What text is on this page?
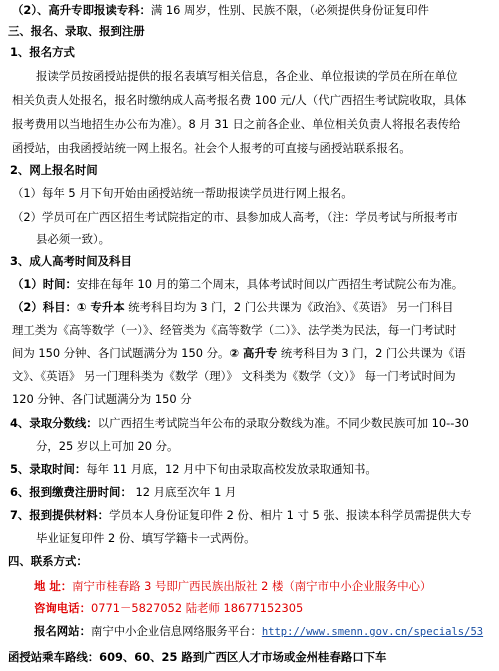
（2）、高升专即报读专科：满 16 周岁，性别、民族不限，（必须提供身份证复印件
三、报名、录取、报到注册
1、报名方式
报读学员按函授站提供的报名表填写相关信息，各企业、单位报读的学员在所在单位
相关负责人处报名，报名时缴纳成人高考报名费 100 元/人（代广西招生考试院收取，具体
报考费用以当地招生办公布为准）。8 月 31 日之前各企业、单位相关负责人将报名表传给
函授站，由我函授站统一网上报名。社会个人报考的可直接与函授站联系报名。
2、网上报名时间
（1）每年 5 月下旬开始由函授站统一帮助报读学员进行网上报名。
（2）学员可在广西区招生考试院指定的市、县参加成人高考，（注：学员考试与所报考市
县必须一致）。
3、成人高考时间及科目
（1）时间：安排在每年 10 月的第二个周末，具体考试时间以广西招生考试院公布为准。
（2）科目：① 专升本 统考科目均为 3 门，2 门公共课为《政治》、《英语》 另一门科目
理工类为《高等数学（一）》、经管类为《高等数学（二）》、法学类为民法，每一门考试时
间为 150 分钟、各门试题满分为 150 分。② 高升专 统考科目为 3 门，2 门公共课为《语
文》、《英语》 另一门理科类为《数学（理）》 文科类为《数学（文）》 每一门考试时间为
120 分钟、各门试题满分为 150 分
4、录取分数线：以广西招生考试院当年公布的录取分数线为准。不同少数民族可加 10--30
分，25 岁以上可加 20 分。
5、录取时间：每年 11 月底，12 月中下旬由录取高校发放录取通知书。
6、报到缴费注册时间： 12 月底至次年 1 月
7、报到提供材料：学员本人身份证复印件 2 份、相片 1 寸 5 张、报读本科学员需提供大专
毕业证复印件 2 份、填写学籍卡一式两份。
四、联系方式：
地 址：南宁市桂春路 3 号即广西民族出版社 2 楼（南宁市中小企业服务中心）
咨询电话：0771－5827052 陆老师 18677152305
报名网站：南宁中小企业信息网络服务平台：http://www.smenn.gov.cn/specials/53
函授站乘车路线：609、60、25 路到广西区人才市场或金州桂春路口下车
